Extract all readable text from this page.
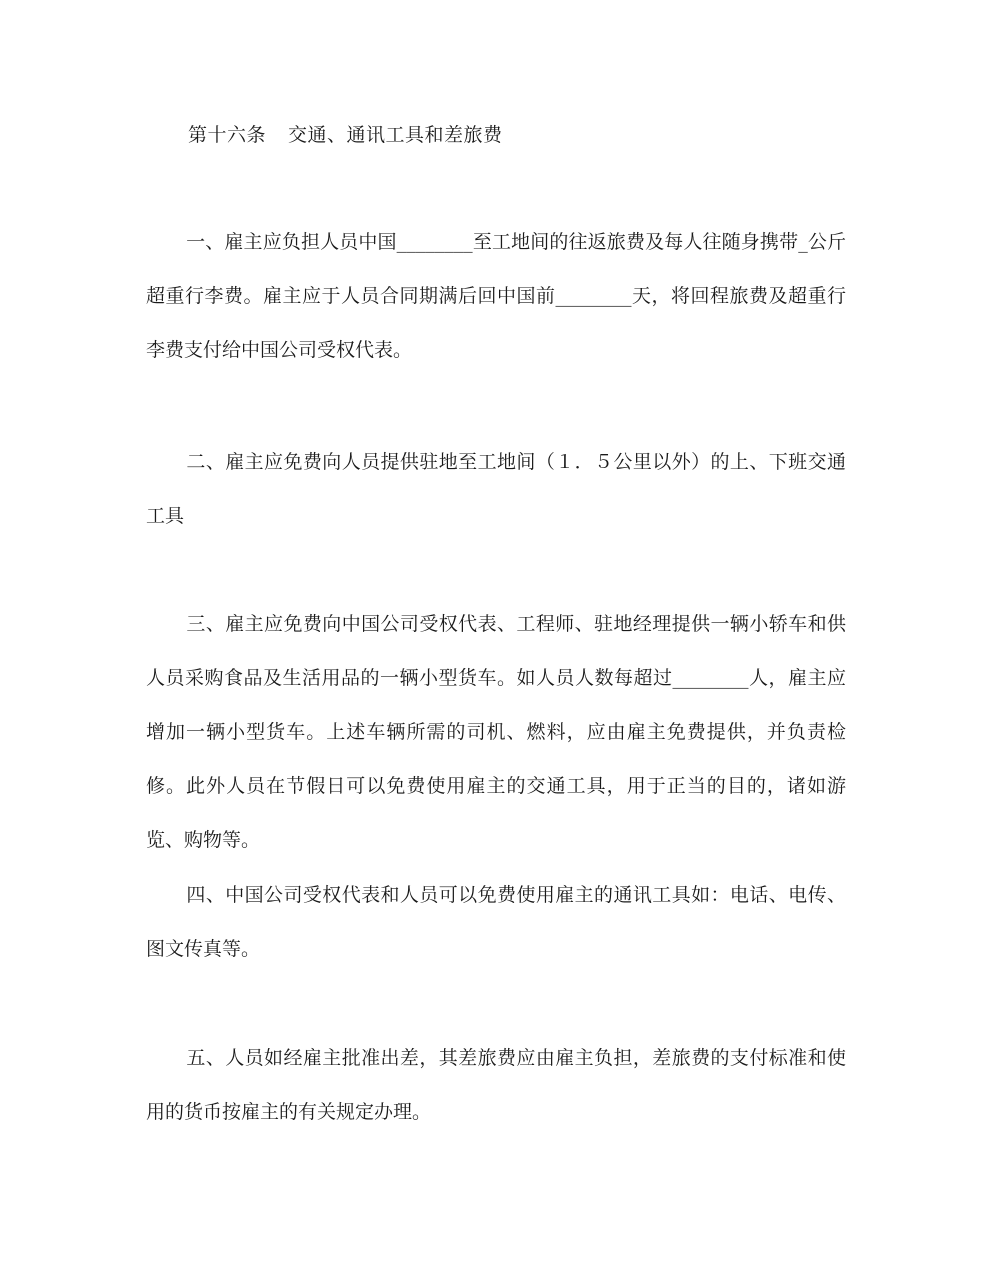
第十六条 交通、通讯工具和差旅费
一、雇主应负担人员中国________至工地间的往返旅费及每人往随身携带_公斤超重行李费。雇主应于人员合同期满后回中国前________天，将回程旅费及超重行李费支付给中国公司受权代表。
二、雇主应免费向人员提供驻地至工地间（１．５公里以外）的上、下班交通工具
三、雇主应免费向中国公司受权代表、工程师、驻地经理提供一辆小轿车和供人员采购食品及生活用品的一辆小型货车。如人员人数每超过________人，雇主应增加一辆小型货车。上述车辆所需的司机、燃料，应由雇主免费提供，并负责检修。此外人员在节假日可以免费使用雇主的交通工具，用于正当的目的，诸如游览、购物等。
四、中国公司受权代表和人员可以免费使用雇主的通讯工具如：电话、电传、图文传真等。
五、人员如经雇主批准出差，其差旅费应由雇主负担，差旅费的支付标准和使用的货币按雇主的有关规定办理。
